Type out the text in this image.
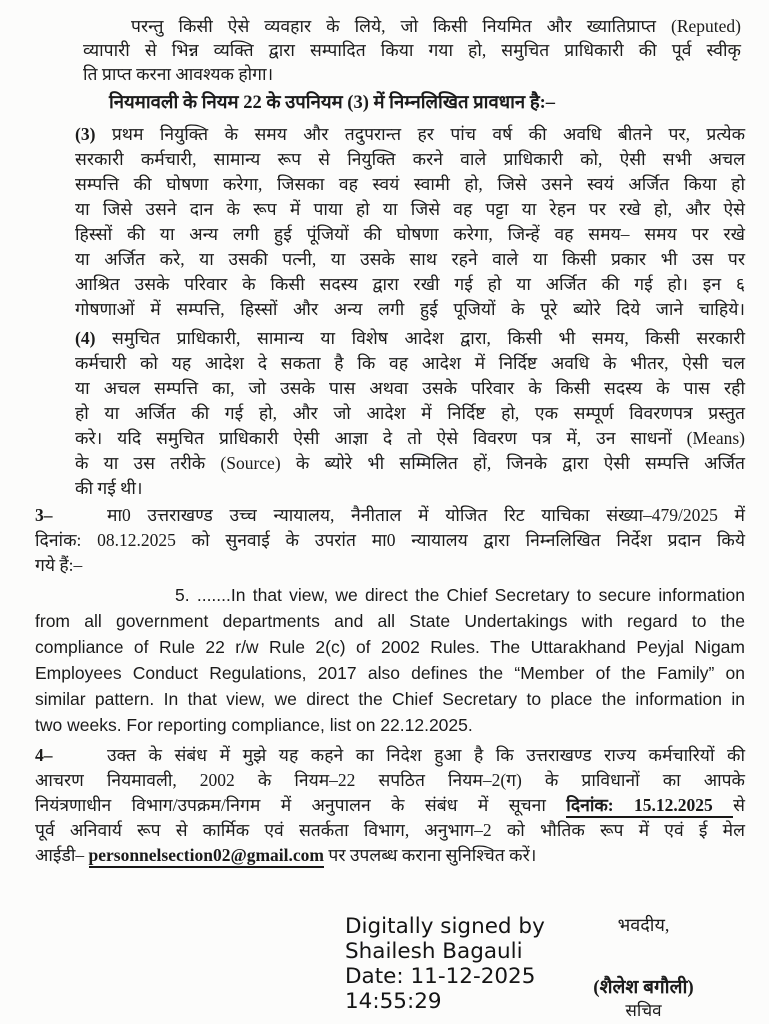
परन्तु किसी ऐसे व्यवहार के लिये, जो किसी नियमित और ख्यातिप्राप्त (Reputed)
व्यापारी से भिन्न व्यक्ति द्वारा सम्पादित किया गया हो, समुचित प्राधिकारी की पूर्व स्वीकृ
ति प्राप्त करना आवश्यक होगा।
नियमावली के नियम 22 के उपनियम (3) में निम्नलिखित प्रावधान है:–
(3) प्रथम नियुक्ति के समय और तदुपरान्त हर पांच वर्ष की अवधि बीतने पर, प्रत्येक
सरकारी कर्मचारी, सामान्य रूप से नियुक्ति करने वाले प्राधिकारी को, ऐसी सभी अचल
सम्पत्ति की घोषणा करेगा, जिसका वह स्वयं स्वामी हो, जिसे उसने स्वयं अर्जित किया हो
या जिसे उसने दान के रूप में पाया हो या जिसे वह पट्टा या रेहन पर रखे हो, और ऐसे
हिस्सों की या अन्य लगी हुई पूंजियों की घोषणा करेगा, जिन्हें वह समय– समय पर रखे
या अर्जित करे, या उसकी पत्नी, या उसके साथ रहने वाले या किसी प्रकार भी उस पर
आश्रित उसके परिवार के किसी सदस्य द्वारा रखी गई हो या अर्जित की गई हो। इन ६
गोषणाओं में सम्पत्ति, हिस्सों और अन्य लगी हुई पूजियों के पूरे ब्योरे दिये जाने चाहिये।
(4) समुचित प्राधिकारी, सामान्य या विशेष आदेश द्वारा, किसी भी समय, किसी सरकारी
कर्मचारी को यह आदेश दे सकता है कि वह आदेश में निर्दिष्ट अवधि के भीतर, ऐसी चल
या अचल सम्पत्ति का, जो उसके पास अथवा उसके परिवार के किसी सदस्य के पास रही
हो या अर्जित की गई हो, और जो आदेश में निर्दिष्ट हो, एक सम्पूर्ण विवरणपत्र प्रस्तुत
करे। यदि समुचित प्राधिकारी ऐसी आज्ञा दे तो ऐसे विवरण पत्र में, उन साधनों (Means)
के या उस तरीके (Source) के ब्योरे भी सम्मिलित हों, जिनके द्वारा ऐसी सम्पत्ति अर्जित
की गई थी।
3–	मा0 उत्तराखण्ड उच्च न्यायालय, नैनीताल में योजित रिट याचिका संख्या–479/2025 में
दिनांक: 08.12.2025 को सुनवाई के उपरांत मा0 न्यायालय द्वारा निम्नलिखित निर्देश प्रदान किये
गये हैं:–
5. .......In that view, we direct the Chief Secretary to secure information
from all government departments and all State Undertakings with regard to the
compliance of Rule 22 r/w Rule 2(c) of 2002 Rules. The Uttarakhand Peyjal Nigam
Employees Conduct Regulations, 2017 also defines the “Member of the Family” on
similar pattern. In that view, we direct the Chief Secretary to place the information in
two weeks. For reporting compliance, list on 22.12.2025.
4–	उक्त के संबंध में मुझे यह कहने का निदेश हुआ है कि उत्तराखण्ड राज्य कर्मचारियों की
आचरण नियमावली, 2002 के नियम–22 सपठित नियम–2(ग) के प्राविधानों का आपके
नियंत्रणाधीन विभाग/उपक्रम/निगम में अनुपालन के संबंध में सूचना दिनांक: 15.12.2025 से
पूर्व अनिवार्य रूप से कार्मिक एवं सतर्कता विभाग, अनुभाग–2 को भौतिक रूप में एवं ई मेल
आईडी– personnelsection02@gmail.com पर उपलब्ध कराना सुनिश्चित करें।
Digitally signed by
Shailesh Bagauli
Date: 11-12-2025
14:55:29
भवदीय,
(शैलेश बगौली)
सचिव
